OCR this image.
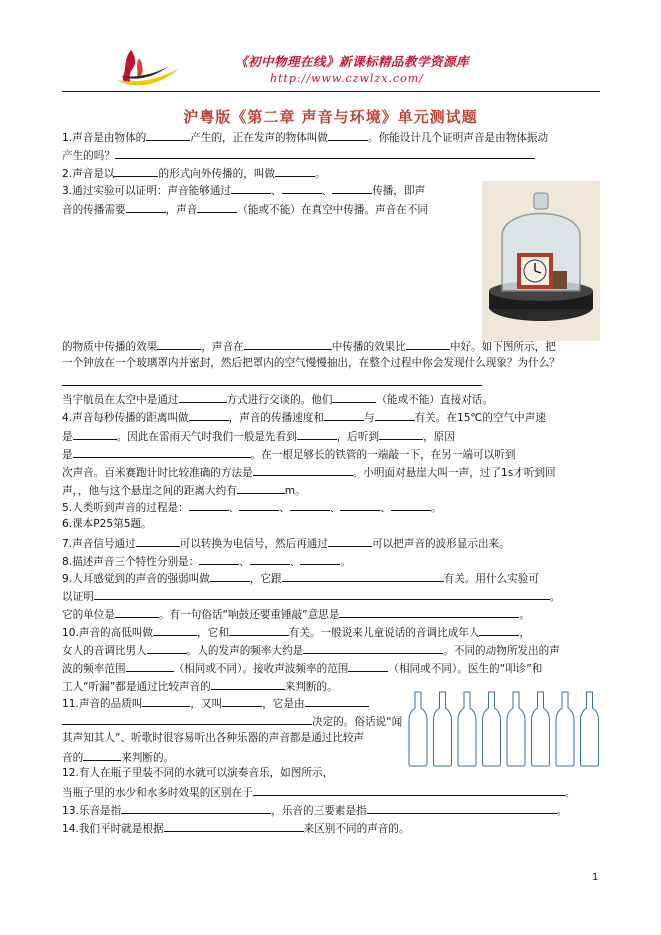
《初中物理在线》新课标精品教学资源库
http://www.czwlzx.com/
沪粤版《第二章 声音与环境》单元测试题
1.声音是由物体的	产生的，正在发声的物体叫做	。你能设计几个证明声音是由物体振动
产生的吗？
2.声音是以	的形式向外传播的，叫做	。
3.通过实验可以证明：声音能够通过	、	、	传播，即声
音的传播需要	，声音	（能或不能）在真空中传播。声音在不同
的物质中传播的效果	，声音在	中传播的效果比	中好。如下图所示，把
一个钟放在一个玻璃罩内并密封，然后把罩内的空气慢慢抽出，在整个过程中你会发现什么现象？为什么？
当宇航员在太空中是通过	方式进行交谈的。他们	（能或不能）直接对话。
4.声音每秒传播的距离叫做	，声音的传播速度和	与	有关。在15℃的空气中声速
是	。因此在雷雨天气时我们一般是先看到	，后听到	，原因
是	。在一根足够长的铁管的一端敲一下，在另一端可以听到
次声音。百米赛跑计时比较准确的方法是	。小明面对悬崖大叫一声，过了1s才听到回
声，，他与这个悬崖之间的距离大约有	m。
5.人类听到声音的过程是：	、	、	、	、	。
6.课本P25第5题。
7.声音信号通过	可以转换为电信号，然后再通过	可以把声音的波形显示出来。
8.描述声音三个特性分别是：	、	、	。
9.人耳感觉到的声音的强弱叫做	，它跟	有关。用什么实验可
以证明	。
它的单位是	。有一句俗话“响鼓还要重锤敲”意思是	。
10.声音的高低叫做	，它和	有关。一般说来儿童说话的音调比成年人	，
女人的音调比男人	。人的发声的频率大约是	。不同的动物所发出的声
波的频率范围	（相同或不同）。接收声波频率的范围	（相同或不同）。医生的“叩诊”和
工人“听漏”都是通过比较声音的	来判断的。
11.声音的品质叫	，又叫	，它是由
决定的。俗话说“闻
其声知其人”、听歌时很容易听出各种乐器的声音都是通过比较声
音的	来判断的。
12.有人在瓶子里装不同的水就可以演奏音乐，如图所示，
当瓶子里的水少和水多时效果的区别在于	。
13.乐音是指	，乐音的三要素是指	。
14.我们平时就是根据	来区别不同的声音的。
1
